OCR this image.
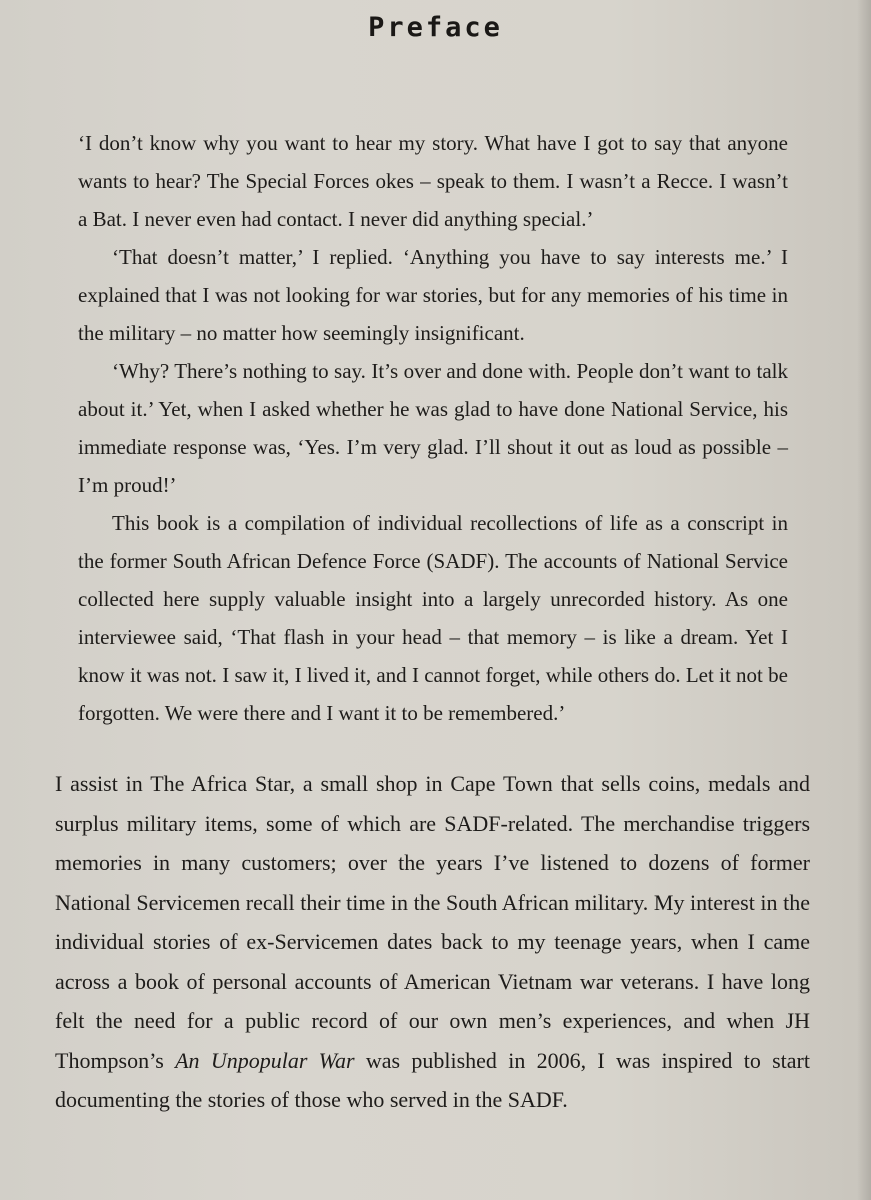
Preface

‘I don’t know why you want to hear my story. What have I got to say that anyone wants to hear? The Special Forces okes – speak to them. I wasn’t a Recce. I wasn’t a Bat. I never even had contact. I never did anything special.’

‘That doesn’t matter,’ I replied. ‘Anything you have to say interests me.’ I explained that I was not looking for war stories, but for any memories of his time in the military – no matter how seemingly insignificant.

‘Why? There’s nothing to say. It’s over and done with. People don’t want to talk about it.’ Yet, when I asked whether he was glad to have done National Service, his immediate response was, ‘Yes. I’m very glad. I’ll shout it out as loud as possible – I’m proud!’

This book is a compilation of individual recollections of life as a conscript in the former South African Defence Force (SADF). The accounts of National Service collected here supply valuable insight into a largely unrecorded history. As one interviewee said, ‘That flash in your head – that memory – is like a dream. Yet I know it was not. I saw it, I lived it, and I cannot forget, while others do. Let it not be forgotten. We were there and I want it to be remembered.’

I assist in The Africa Star, a small shop in Cape Town that sells coins, medals and surplus military items, some of which are SADF-related. The merchandise triggers memories in many customers; over the years I’ve listened to dozens of former National Servicemen recall their time in the South African military. My interest in the individual stories of ex-Servicemen dates back to my teenage years, when I came across a book of personal accounts of American Vietnam war veterans. I have long felt the need for a public record of our own men’s experiences, and when JH Thompson’s An Unpopular War was published in 2006, I was inspired to start documenting the stories of those who served in the SADF.
